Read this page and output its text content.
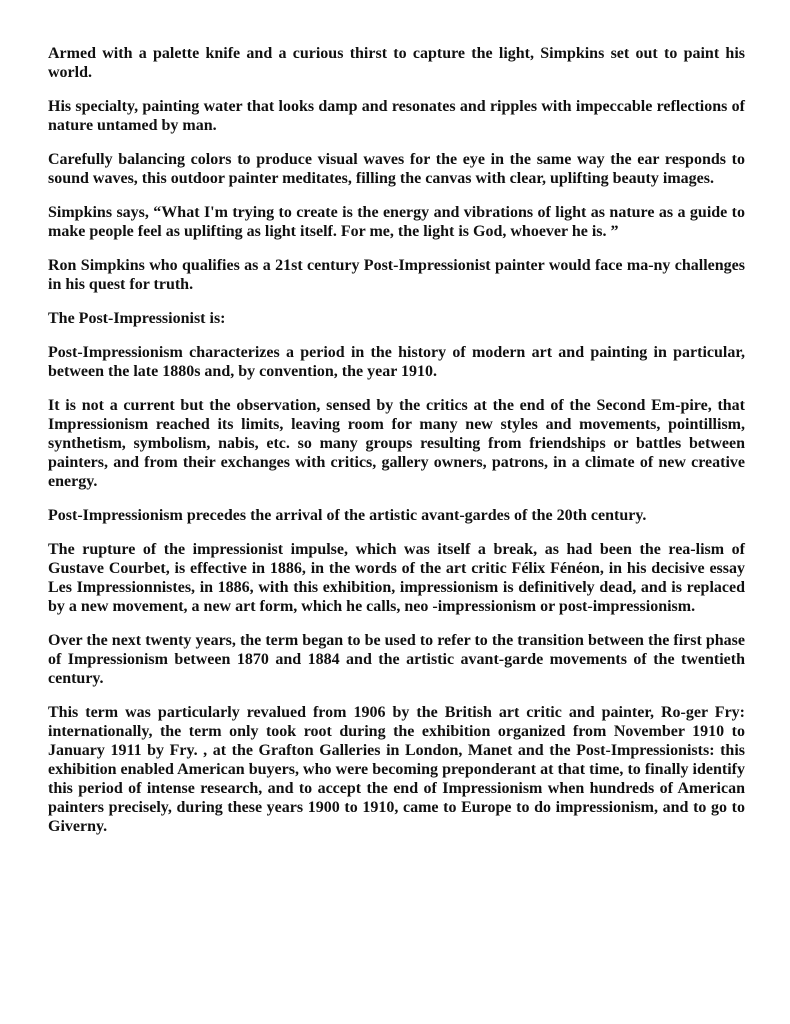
Armed with a palette knife and a curious thirst to capture the light, Simpkins set out to paint his world.

His specialty, painting water that looks damp and resonates and ripples with impeccable reflections of nature untamed by man.

Carefully balancing colors to produce visual waves for the eye in the same way the ear responds to sound waves, this outdoor painter meditates, filling the canvas with clear, uplifting beauty images.

Simpkins says, “What I'm trying to create is the energy and vibrations of light as nature as a guide to make people feel as uplifting as light itself. For me, the light is God, whoever he is. ”

Ron Simpkins who qualifies as a 21st century Post-Impressionist painter would face ma-ny challenges in his quest for truth.

The Post-Impressionist is:

Post-Impressionism characterizes a period in the history of modern art and painting in particular, between the late 1880s and, by convention, the year 1910.

It is not a current but the observation, sensed by the critics at the end of the Second Em-pire, that Impressionism reached its limits, leaving room for many new styles and movements, pointillism, synthetism, symbolism, nabis, etc. so many groups resulting from friendships or battles between painters, and from their exchanges with critics, gallery owners, patrons, in a climate of new creative energy.

Post-Impressionism precedes the arrival of the artistic avant-gardes of the 20th century.

The rupture of the impressionist impulse, which was itself a break, as had been the rea-lism of Gustave Courbet, is effective in 1886, in the words of the art critic Félix Fénéon, in his decisive essay Les Impressionnistes, in 1886, with this exhibition, impressionism is definitively dead, and is replaced by a new movement, a new art form, which he calls, neo -impressionism or post-impressionism.

Over the next twenty years, the term began to be used to refer to the transition between the first phase of Impressionism between 1870 and 1884 and the artistic avant-garde movements of the twentieth century.

This term was particularly revalued from 1906 by the British art critic and painter, Ro-ger Fry: internationally, the term only took root during the exhibition organized from November 1910 to January 1911 by Fry. , at the Grafton Galleries in London, Manet and the Post-Impressionists: this exhibition enabled American buyers, who were becoming preponderant at that time, to finally identify this period of intense research, and to accept the end of Impressionism when hundreds of American painters precisely, during these years 1900 to 1910, came to Europe to do impressionism, and to go to Giverny.
